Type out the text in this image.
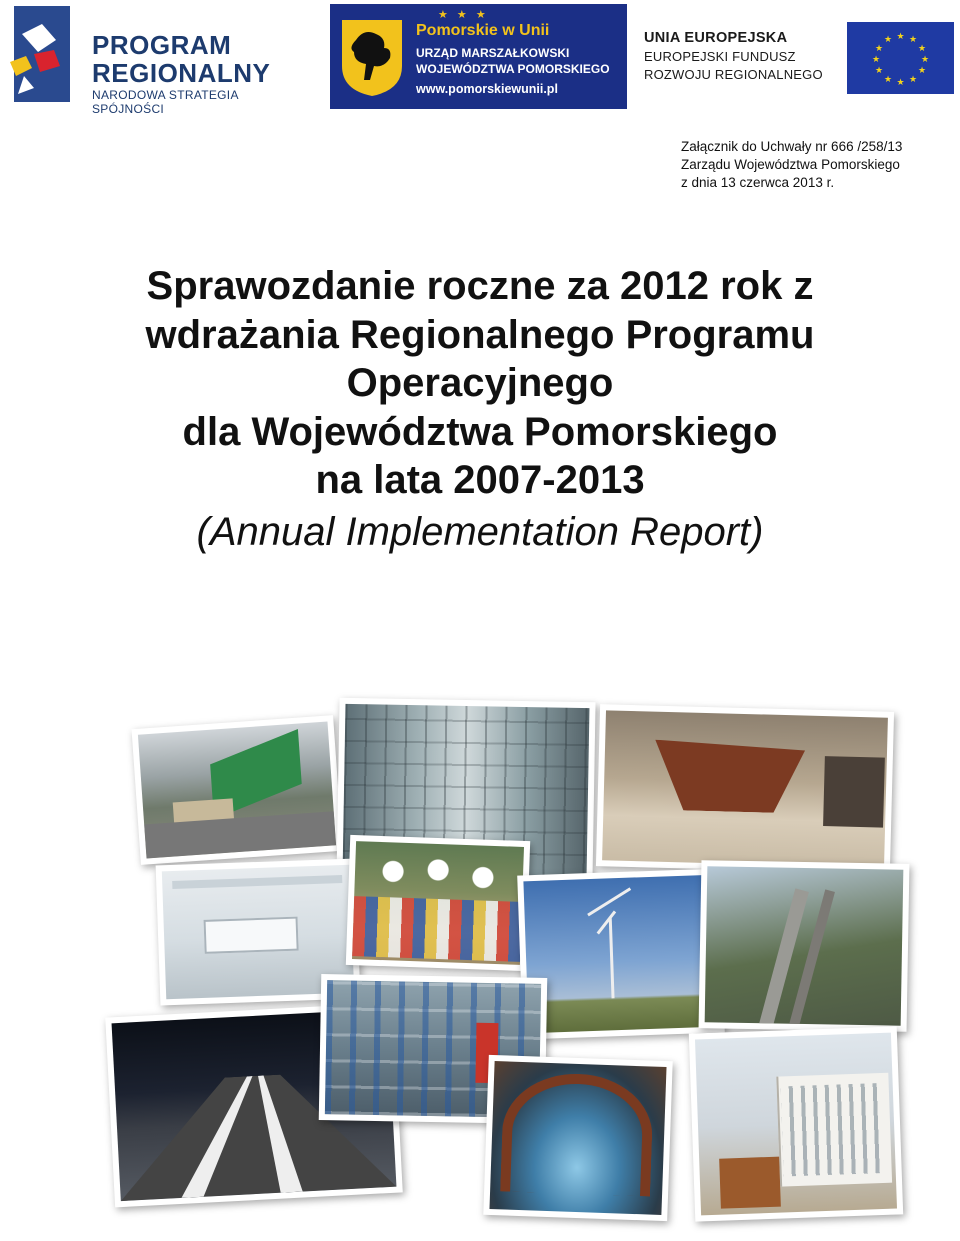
PROGRAM
REGIONALNY
NARODOWA STRATEGIA SPÓJNOŚCI
★ ★ ★
Pomorskie w Unii
URZĄD MARSZAŁKOWSKI
WOJEWÓDZTWA POMORSKIEGO
www.pomorskiewunii.pl
UNIA EUROPEJSKA
EUROPEJSKI FUNDUSZ
ROZWOJU REGIONALNEGO
★ ★
★
★
★
★
★
★
★
★
★
★
Załącznik do Uchwały nr 666 /258/13
Zarządu Województwa Pomorskiego
z dnia 13 czerwca 2013 r.
Sprawozdanie roczne za 2012 rok z
wdrażania Regionalnego Programu
Operacyjnego
dla Województwa Pomorskiego
na lata 2007-2013
(Annual Implementation Report)
